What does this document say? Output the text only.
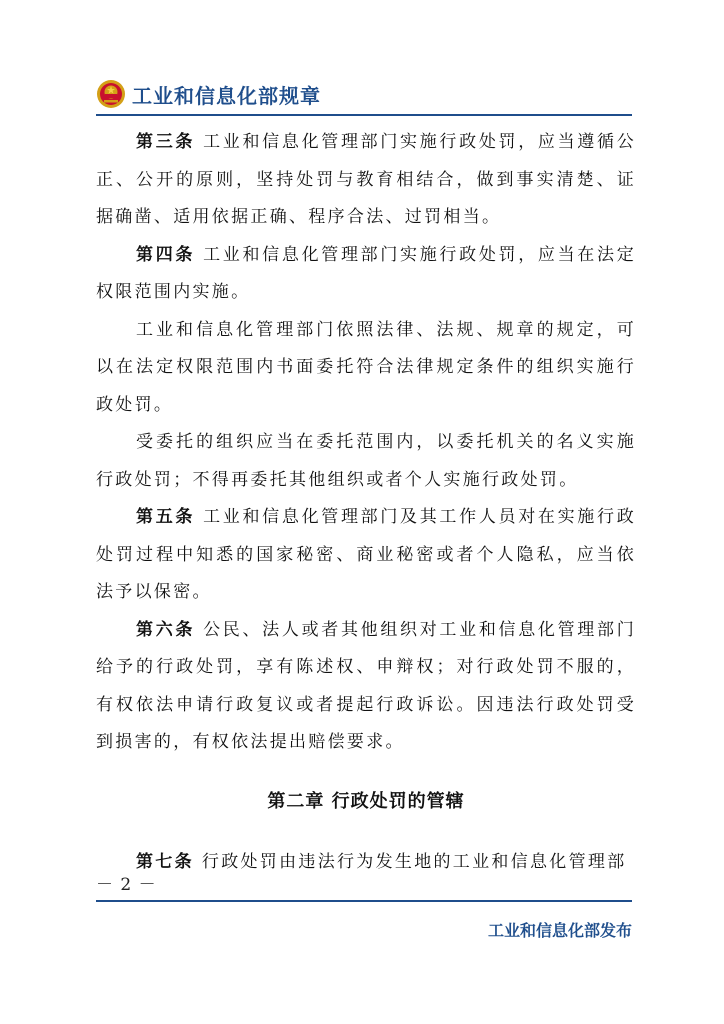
工业和信息化部规章

第三条 工业和信息化管理部门实施行政处罚，应当遵循公正、公开的原则，坚持处罚与教育相结合，做到事实清楚、证据确凿、适用依据正确、程序合法、过罚相当。

第四条 工业和信息化管理部门实施行政处罚，应当在法定权限范围内实施。

工业和信息化管理部门依照法律、法规、规章的规定，可以在法定权限范围内书面委托符合法律规定条件的组织实施行政处罚。

受委托的组织应当在委托范围内，以委托机关的名义实施行政处罚；不得再委托其他组织或者个人实施行政处罚。

第五条 工业和信息化管理部门及其工作人员对在实施行政处罚过程中知悉的国家秘密、商业秘密或者个人隐私，应当依法予以保密。

第六条 公民、法人或者其他组织对工业和信息化管理部门给予的行政处罚，享有陈述权、申辩权；对行政处罚不服的，有权依法申请行政复议或者提起行政诉讼。因违法行政处罚受到损害的，有权依法提出赔偿要求。

第二章 行政处罚的管辖

第七条 行政处罚由违法行为发生地的工业和信息化管理部

－ 2 －
工业和信息化部发布
